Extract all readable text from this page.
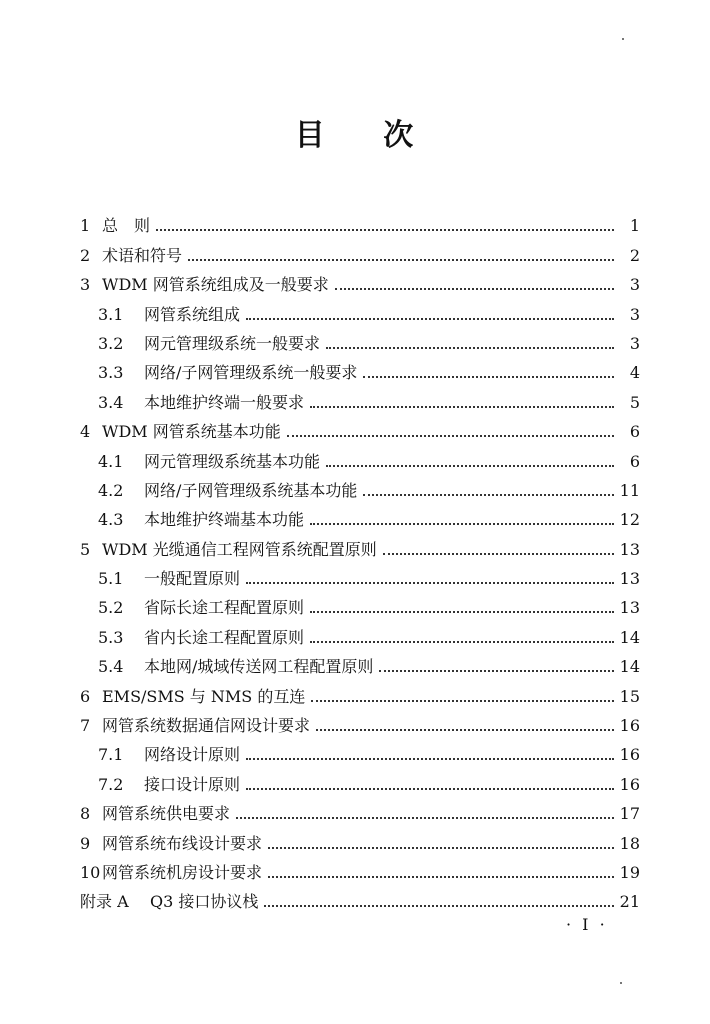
目 次
1 总　则	1
2 术语和符号	2
3 WDM 网管系统组成及一般要求	3
3.1	网管系统组成	3
3.2	网元管理级系统一般要求	3
3.3	网络/子网管理级系统一般要求	4
3.4	本地维护终端一般要求	5
4 WDM 网管系统基本功能	6
4.1	网元管理级系统基本功能	6
4.2	网络/子网管理级系统基本功能	11
4.3	本地维护终端基本功能	12
5 WDM 光缆通信工程网管系统配置原则	13
5.1	一般配置原则	13
5.2	省际长途工程配置原则	13
5.3	省内长途工程配置原则	14
5.4	本地网/城域传送网工程配置原则	14
6 EMS/SMS 与 NMS 的互连	15
7 网管系统数据通信网设计要求	16
7.1	网络设计原则	16
7.2	接口设计原则	16
8 网管系统供电要求	17
9 网管系统布线设计要求	18
10 网管系统机房设计要求	19
附录 A	Q3 接口协议栈	21
· I ·
